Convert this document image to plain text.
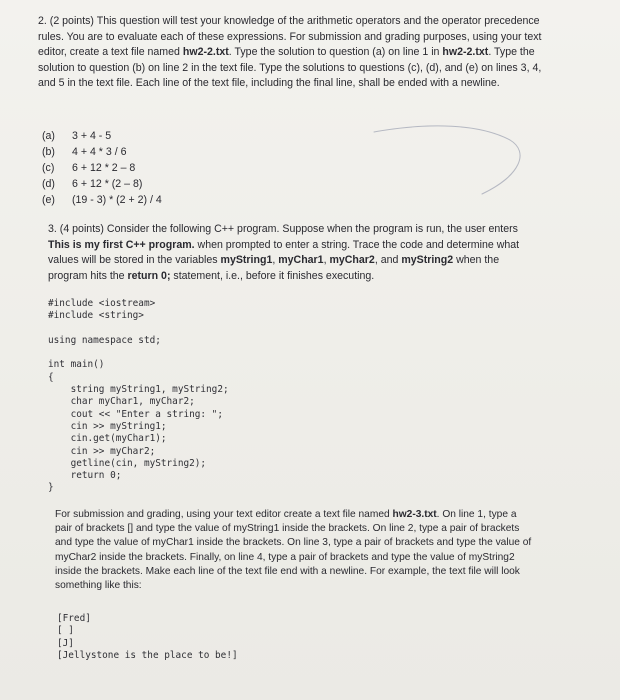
2. (2 points) This question will test your knowledge of the arithmetic operators and the operator precedence rules. You are to evaluate each of these expressions. For submission and grading purposes, using your text editor, create a text file named hw2-2.txt. Type the solution to question (a) on line 1 in hw2-2.txt. Type the solution to question (b) on line 2 in the text file. Type the solutions to questions (c), (d), and (e) on lines 3, 4, and 5 in the text file. Each line of the text file, including the final line, shall be ended with a newline.

(a)	3 + 4 - 5
(b)	4 + 4 * 3 / 6
(c)	6 + 12 * 2 – 8
(d)	6 + 12 * (2 – 8)
(e)	(19 - 3) * (2 + 2) / 4

3. (4 points) Consider the following C++ program. Suppose when the program is run, the user enters This is my first C++ program. when prompted to enter a string. Trace the code and determine what values will be stored in the variables myString1, myChar1, myChar2, and myString2 when the program hits the return 0; statement, i.e., before it finishes executing.

#include <iostream>
#include <string>

using namespace std;

int main()
{
string myString1, myString2;
char myChar1, myChar2;
cout << "Enter a string: ";
cin >> myString1;
cin.get(myChar1);
cin >> myChar2;
getline(cin, myString2);
return 0;
}

For submission and grading, using your text editor create a text file named hw2-3.txt. On line 1, type a pair of brackets [] and type the value of myString1 inside the brackets. On line 2, type a pair of brackets and type the value of myChar1 inside the brackets. On line 3, type a pair of brackets and type the value of myChar2 inside the brackets. Finally, on line 4, type a pair of brackets and type the value of myString2 inside the brackets. Make each line of the text file end with a newline. For example, the text file will look something like this:

[Fred]
[ ]
[J]
[Jellystone is the place to be!]
